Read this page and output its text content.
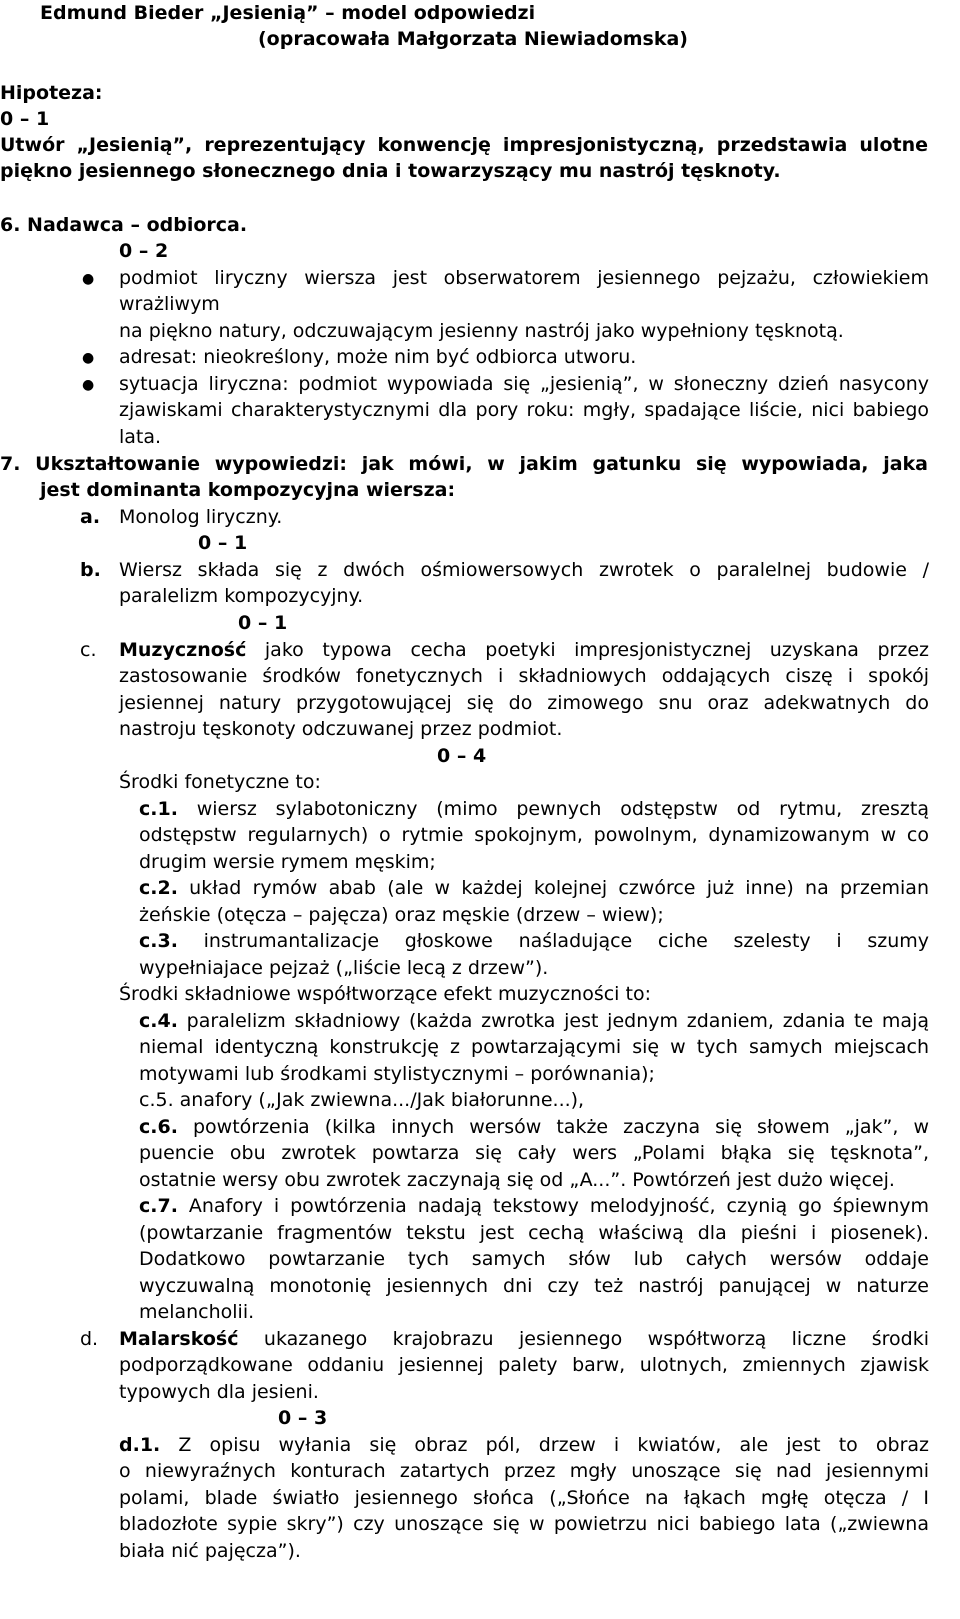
Edmund Bieder „Jesienią” – model odpowiedzi
(opracowała Małgorzata Niewiadomska)
Hipoteza:
0 – 1
Utwór „Jesienią”, reprezentujący konwencję impresjonistyczną, przedstawia ulotne
piękno jesiennego słonecznego dnia i towarzyszący mu nastrój tęsknoty.
6. Nadawca – odbiorca.
0 – 2
● podmiot liryczny wiersza jest obserwatorem jesiennego pejzażu, człowiekiem
wrażliwym
na piękno natury, odczuwającym jesienny nastrój jako wypełniony tęsknotą.
● adresat: nieokreślony, może nim być odbiorca utworu.
● sytuacja liryczna: podmiot wypowiada się „jesienią”, w słoneczny dzień nasycony
zjawiskami charakterystycznymi dla pory roku: mgły, spadające liście, nici babiego
lata.
7. Ukształtowanie wypowiedzi: jak mówi, w jakim gatunku się wypowiada, jaka
jest dominanta kompozycyjna wiersza:
a. Monolog liryczny.
0 – 1
b. Wiersz składa się z dwóch ośmiowersowych zwrotek o paralelnej budowie /
paralelizm kompozycyjny.
0 – 1
c. Muzyczność jako typowa cecha poetyki impresjonistycznej uzyskana przez
zastosowanie środków fonetycznych i składniowych oddających ciszę i spokój
jesiennej natury przygotowującej się do zimowego snu oraz adekwatnych do
nastroju tęskonoty odczuwanej przez podmiot.
0 – 4
Środki fonetyczne to:
c.1. wiersz sylabotoniczny (mimo pewnych odstępstw od rytmu, zresztą
odstępstw regularnych) o rytmie spokojnym, powolnym, dynamizowanym w co
drugim wersie rymem męskim;
c.2. układ rymów abab (ale w każdej kolejnej czwórce już inne) na przemian
żeńskie (otęcza – pajęcza) oraz męskie (drzew – wiew);
c.3. instrumantalizacje głoskowe naśladujące ciche szelesty i szumy
wypełniajace pejzaż („liście lecą z drzew”).
Środki składniowe współtworzące efekt muzyczności to:
c.4. paralelizm składniowy (każda zwrotka jest jednym zdaniem, zdania te mają
niemal identyczną konstrukcję z powtarzającymi się w tych samych miejscach
motywami lub środkami stylistycznymi – porównania);
c.5. anafory („Jak zwiewna.../Jak białorunne...),
c.6. powtórzenia (kilka innych wersów także zaczyna się słowem „jak”, w
puencie obu zwrotek powtarza się cały wers „Polami błąka się tęsknota”,
ostatnie wersy obu zwrotek zaczynają się od „A...”. Powtórzeń jest dużo więcej.
c.7. Anafory i powtórzenia nadają tekstowy melodyjność, czynią go śpiewnym
(powtarzanie fragmentów tekstu jest cechą właściwą dla pieśni i piosenek).
Dodatkowo powtarzanie tych samych słów lub całych wersów oddaje
wyczuwalną monotonię jesiennych dni czy też nastrój panującej w naturze
melancholii.
d. Malarskość ukazanego krajobrazu jesiennego współtworzą liczne środki
podporządkowane oddaniu jesiennej palety barw, ulotnych, zmiennych zjawisk
typowych dla jesieni.
0 – 3
d.1. Z opisu wyłania się obraz pól, drzew i kwiatów, ale jest to obraz
o niewyraźnych konturach zatartych przez mgły unoszące się nad jesiennymi
polami, blade światło jesiennego słońca („Słońce na łąkach mgłę otęcza / I
bladozłote sypie skry”) czy unoszące się w powietrzu nici babiego lata („zwiewna
biała nić pajęcza”).
